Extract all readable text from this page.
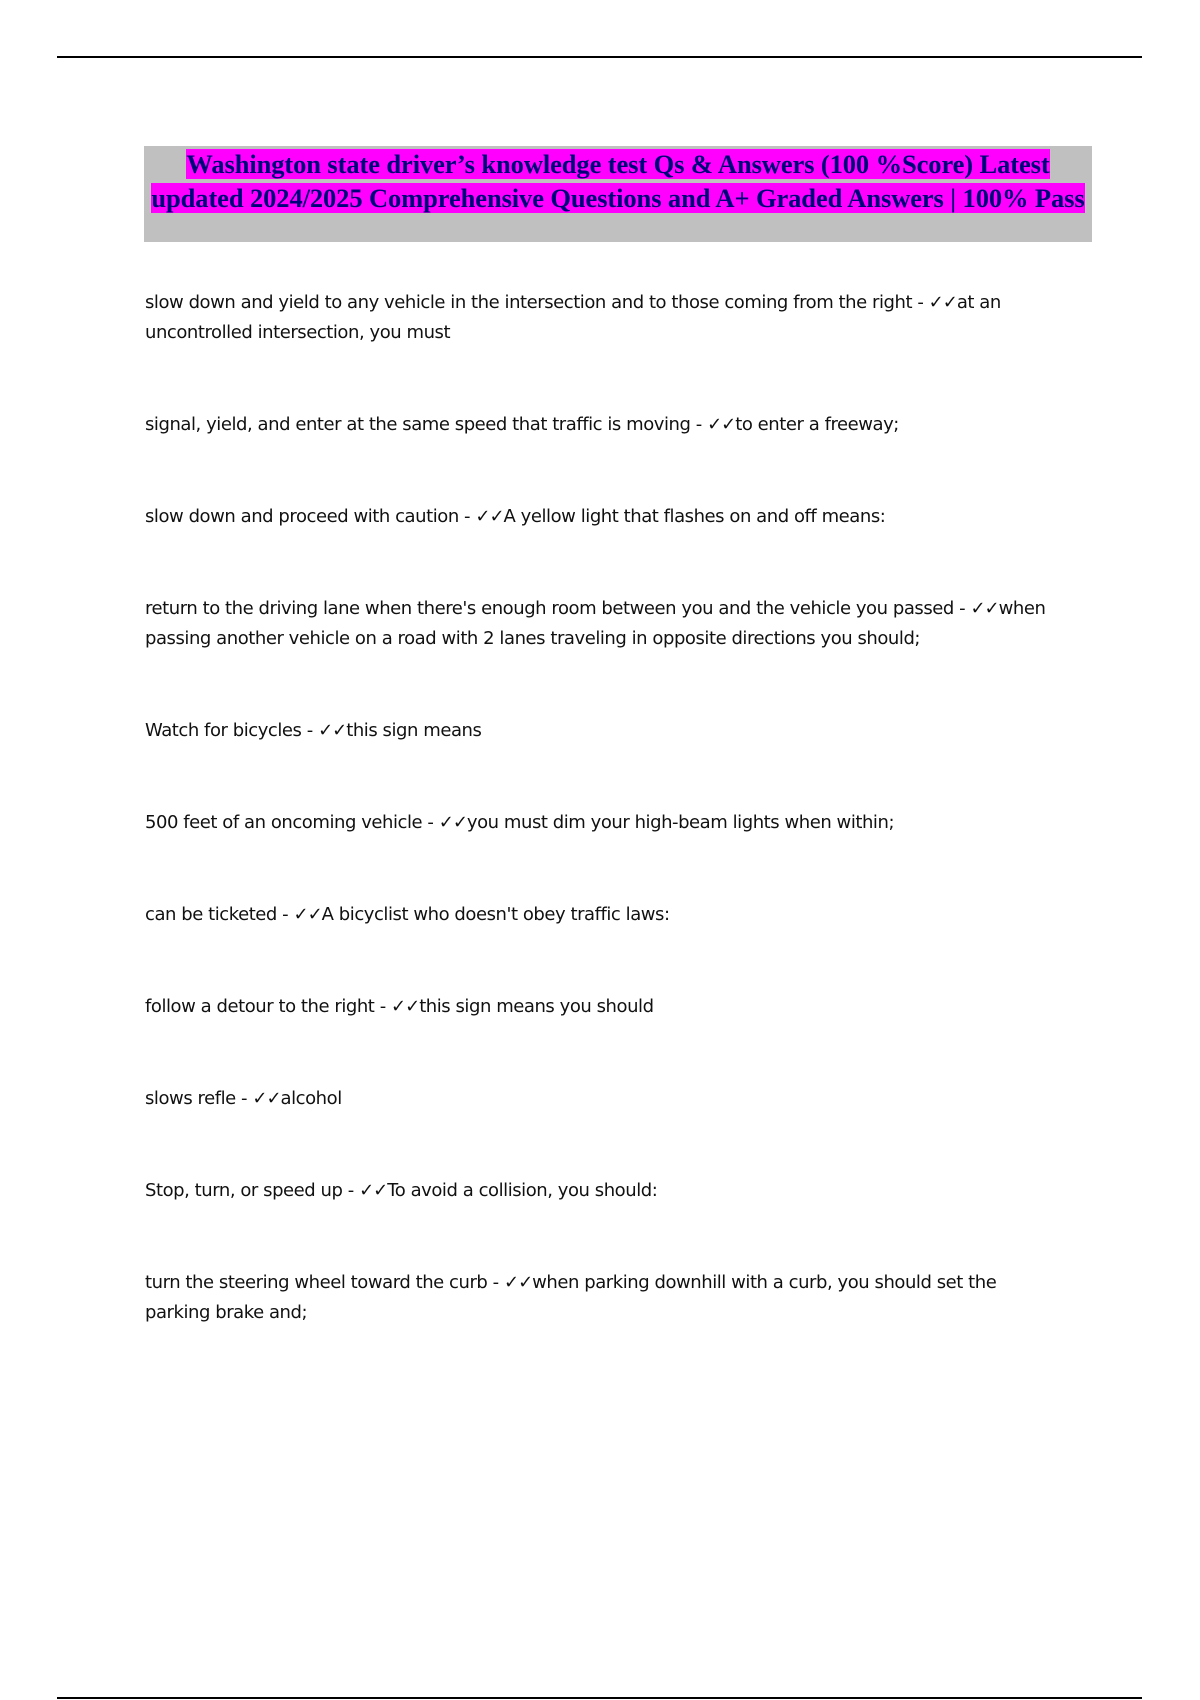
Washington state driver’s knowledge test Qs & Answers (100 %Score) Latest updated 2024/2025 Comprehensive Questions and A+ Graded Answers | 100% Pass
slow down and yield to any vehicle in the intersection and to those coming from the right - ✓✓at an uncontrolled intersection, you must
signal, yield, and enter at the same speed that traffic is moving - ✓✓to enter a freeway;
slow down and proceed with caution - ✓✓A yellow light that flashes on and off means:
return to the driving lane when there's enough room between you and the vehicle you passed - ✓✓when passing another vehicle on a road with 2 lanes traveling in opposite directions you should;
Watch for bicycles - ✓✓this sign means
500 feet of an oncoming vehicle - ✓✓you must dim your high-beam lights when within;
can be ticketed - ✓✓A bicyclist who doesn't obey traffic laws:
follow a detour to the right - ✓✓this sign means you should
slows refle - ✓✓alcohol
Stop, turn, or speed up - ✓✓To avoid a collision, you should:
turn the steering wheel toward the curb - ✓✓when parking downhill with a curb, you should set the parking brake and;
